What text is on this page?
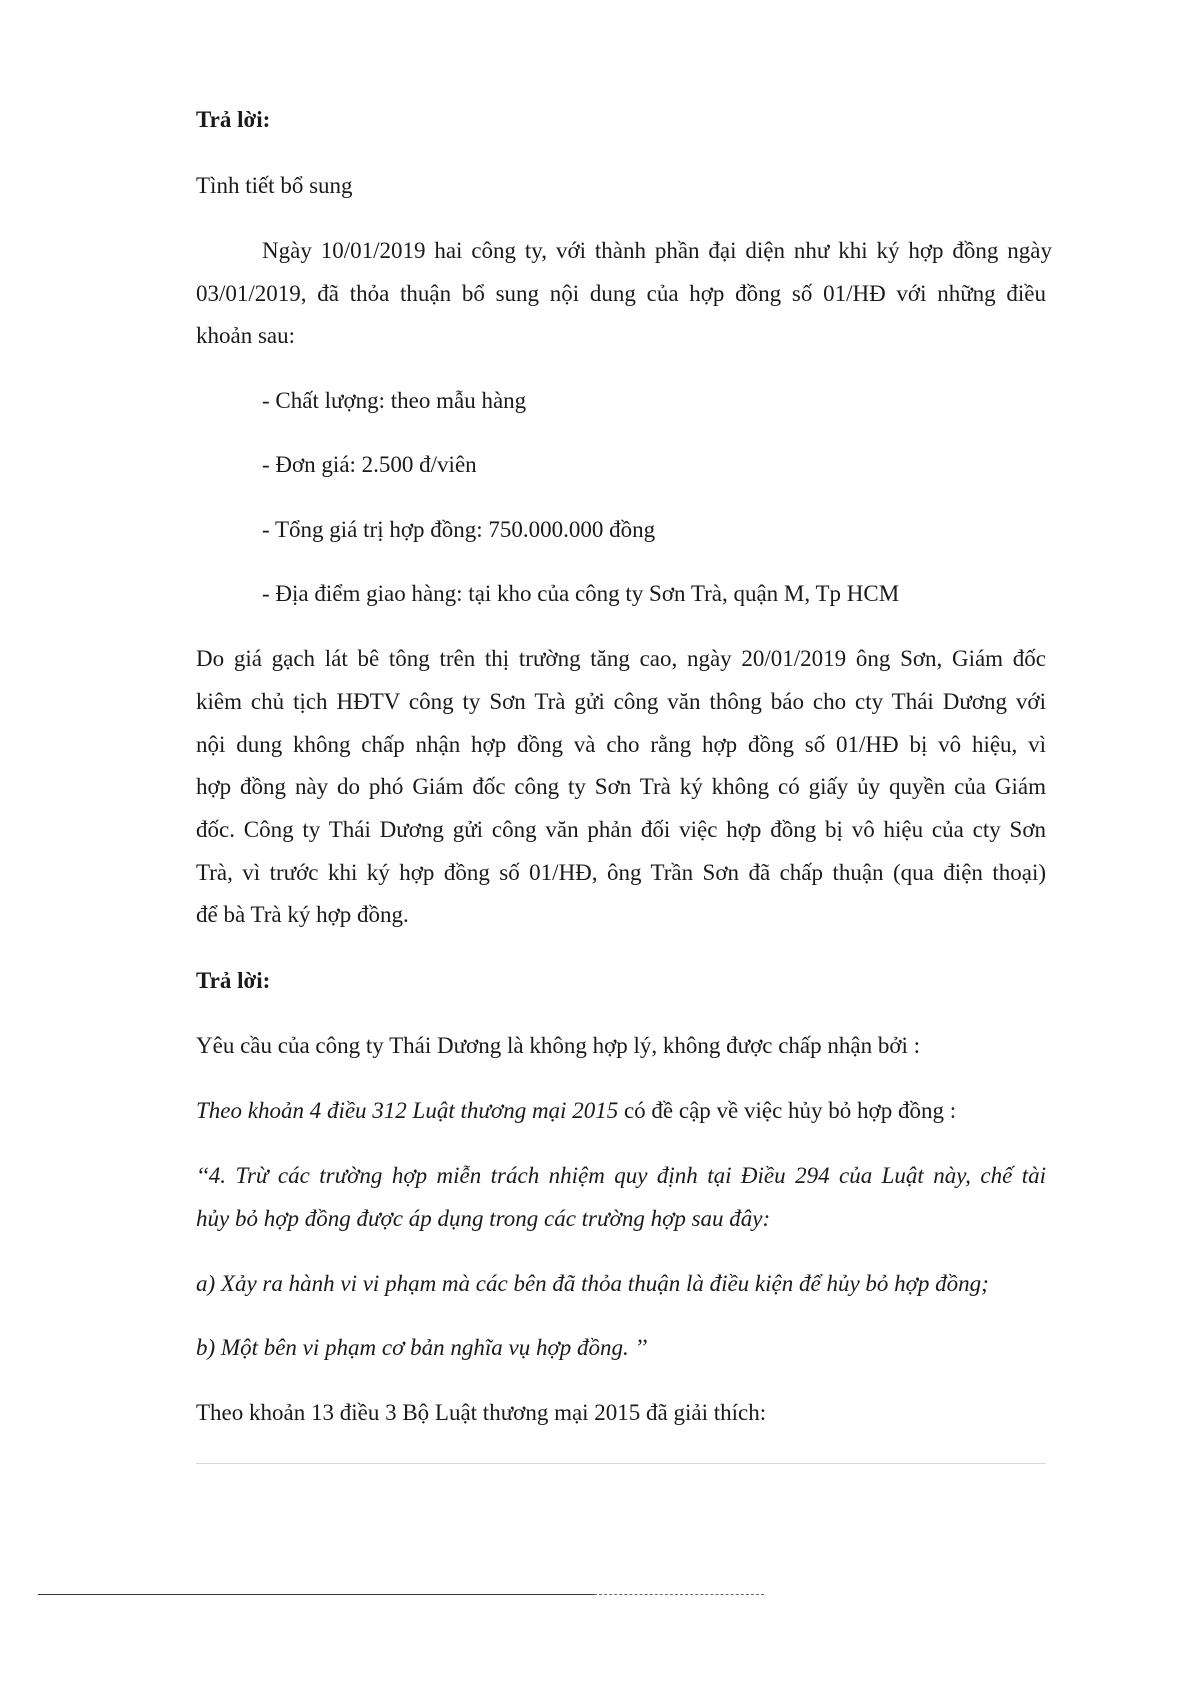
Trả lời:

Tình tiết bổ sung

Ngày 10/01/2019 hai công ty, với thành phần đại diện như khi ký hợp đồng ngày

03/01/2019, đã thỏa thuận bổ sung nội dung của hợp đồng số 01/HĐ với những điều

khoản sau:

- Chất lượng: theo mẫu hàng

- Đơn giá: 2.500 đ/viên

- Tổng giá trị hợp đồng: 750.000.000 đồng

- Địa điểm giao hàng: tại kho của công ty Sơn Trà, quận M, Tp HCM

Do giá gạch lát bê tông trên thị trường tăng cao, ngày 20/01/2019 ông Sơn, Giám đốc

kiêm chủ tịch HĐTV công ty Sơn Trà gửi công văn thông báo cho cty Thái Dương với

nội dung không chấp nhận hợp đồng và cho rằng hợp đồng số 01/HĐ bị vô hiệu, vì

hợp đồng này do phó Giám đốc công ty Sơn Trà ký không có giấy ủy quyền của Giám

đốc. Công ty Thái Dương gửi công văn phản đối việc hợp đồng bị vô hiệu của cty Sơn

Trà, vì trước khi ký hợp đồng số 01/HĐ, ông Trần Sơn đã chấp thuận (qua điện thoại)

để bà Trà ký hợp đồng.

Trả lời:

Yêu cầu của công ty Thái Dương là không hợp lý, không được chấp nhận bởi :

Theo khoản 4 điều 312 Luật thương mại 2015 có đề cập về việc hủy bỏ hợp đồng :

‘‘4. Trừ các trường hợp miễn trách nhiệm quy định tại Điều 294 của Luật này, chế tài

hủy bỏ hợp đồng được áp dụng trong các trường hợp sau đây:

a) Xảy ra hành vi vi phạm mà các bên đã thỏa thuận là điều kiện để hủy bỏ hợp đồng;

b) Một bên vi phạm cơ bản nghĩa vụ hợp đồng. ’’

Theo khoản 13 điều 3 Bộ Luật thương mại 2015 đã giải thích:
